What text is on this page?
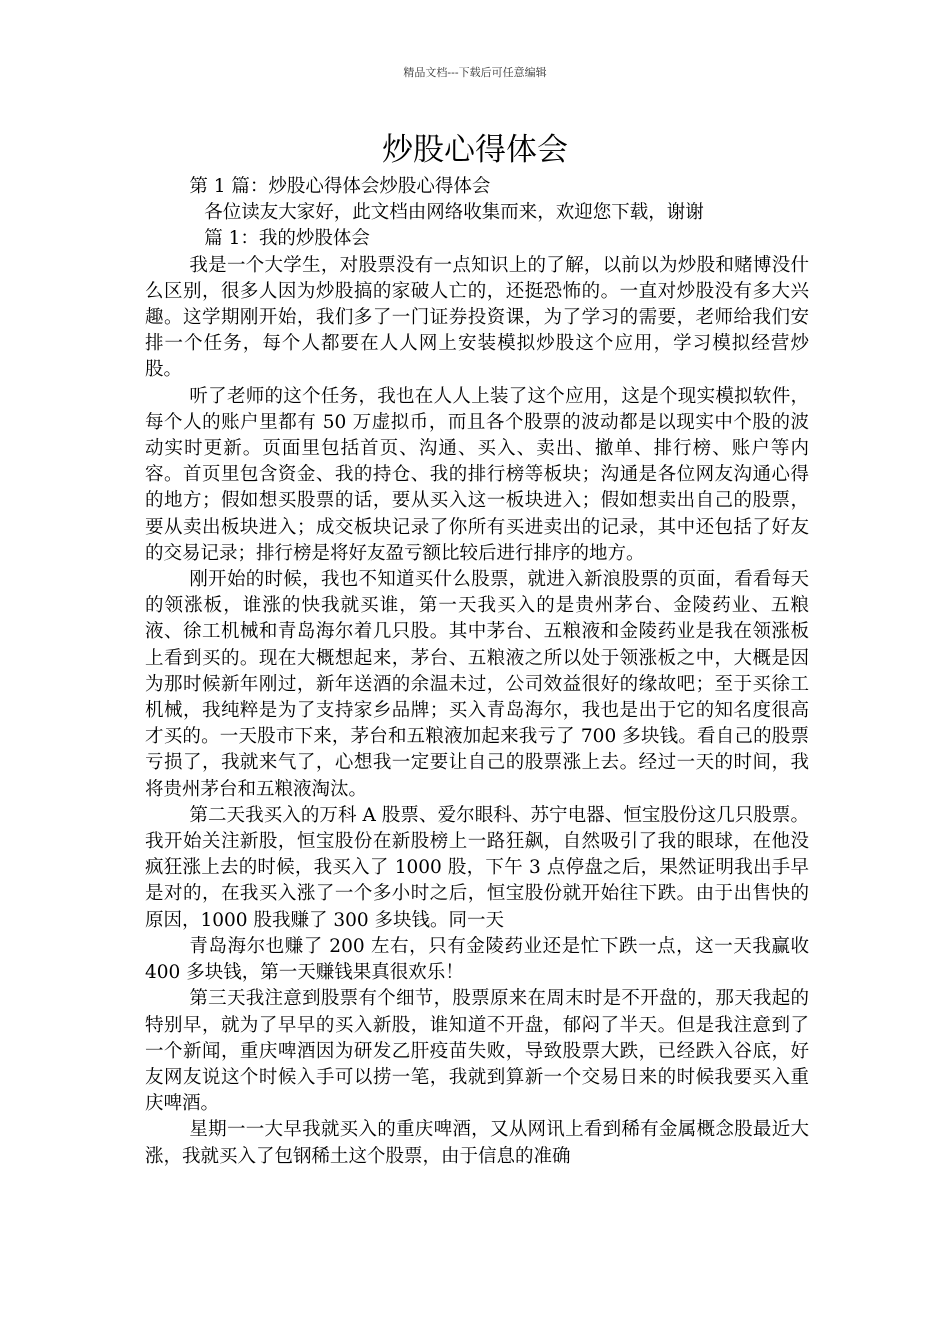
精品文档---下载后可任意编辑
炒股心得体会

第 1 篇：炒股心得体会炒股心得体会

各位读友大家好，此文档由网络收集而来，欢迎您下载，谢谢

篇 1：我的炒股体会

我是一个大学生，对股票没有一点知识上的了解，以前以为炒股和赌博没什么区别，很多人因为炒股搞的家破人亡的，还挺恐怖的。一直对炒股没有多大兴趣。这学期刚开始，我们多了一门证券投资课，为了学习的需要，老师给我们安排一个任务，每个人都要在人人网上安装模拟炒股这个应用，学习模拟经营炒股。

听了老师的这个任务，我也在人人上装了这个应用，这是个现实模拟软件，每个人的账户里都有 50 万虚拟币，而且各个股票的波动都是以现实中个股的波动实时更新。页面里包括首页、沟通、买入、卖出、撤单、排行榜、账户等内容。首页里包含资金、我的持仓、我的排行榜等板块；沟通是各位网友沟通心得的地方；假如想买股票的话，要从买入这一板块进入；假如想卖出自己的股票，要从卖出板块进入；成交板块记录了你所有买进卖出的记录，其中还包括了好友的交易记录；排行榜是将好友盈亏额比较后进行排序的地方。

刚开始的时候，我也不知道买什么股票，就进入新浪股票的页面，看看每天的领涨板，谁涨的快我就买谁，第一天我买入的是贵州茅台、金陵药业、五粮液、徐工机械和青岛海尔着几只股。其中茅台、五粮液和金陵药业是我在领涨板上看到买的。现在大概想起来，茅台、五粮液之所以处于领涨板之中，大概是因为那时候新年刚过，新年送酒的余温未过，公司效益很好的缘故吧；至于买徐工机械，我纯粹是为了支持家乡品牌；买入青岛海尔，我也是出于它的知名度很高才买的。一天股市下来，茅台和五粮液加起来我亏了 700 多块钱。看自己的股票亏损了，我就来气了，心想我一定要让自己的股票涨上去。经过一天的时间，我将贵州茅台和五粮液淘汰。

第二天我买入的万科 A 股票、爱尔眼科、苏宁电器、恒宝股份这几只股票。我开始关注新股，恒宝股份在新股榜上一路狂飙，自然吸引了我的眼球，在他没疯狂涨上去的时候，我买入了 1000 股，下午 3 点停盘之后，果然证明我出手早是对的，在我买入涨了一个多小时之后，恒宝股份就开始往下跌。由于出售快的原因，1000 股我赚了 300 多块钱。同一天

青岛海尔也赚了 200 左右，只有金陵药业还是忙下跌一点，这一天我赢收 400 多块钱，第一天赚钱果真很欢乐！

第三天我注意到股票有个细节，股票原来在周末时是不开盘的，那天我起的特别早，就为了早早的买入新股，谁知道不开盘，郁闷了半天。但是我注意到了一个新闻，重庆啤酒因为研发乙肝疫苗失败，导致股票大跌，已经跌入谷底，好友网友说这个时候入手可以捞一笔，我就到算新一个交易日来的时候我要买入重庆啤酒。

星期一一大早我就买入的重庆啤酒，又从网讯上看到稀有金属概念股最近大涨，我就买入了包钢稀土这个股票，由于信息的准确
